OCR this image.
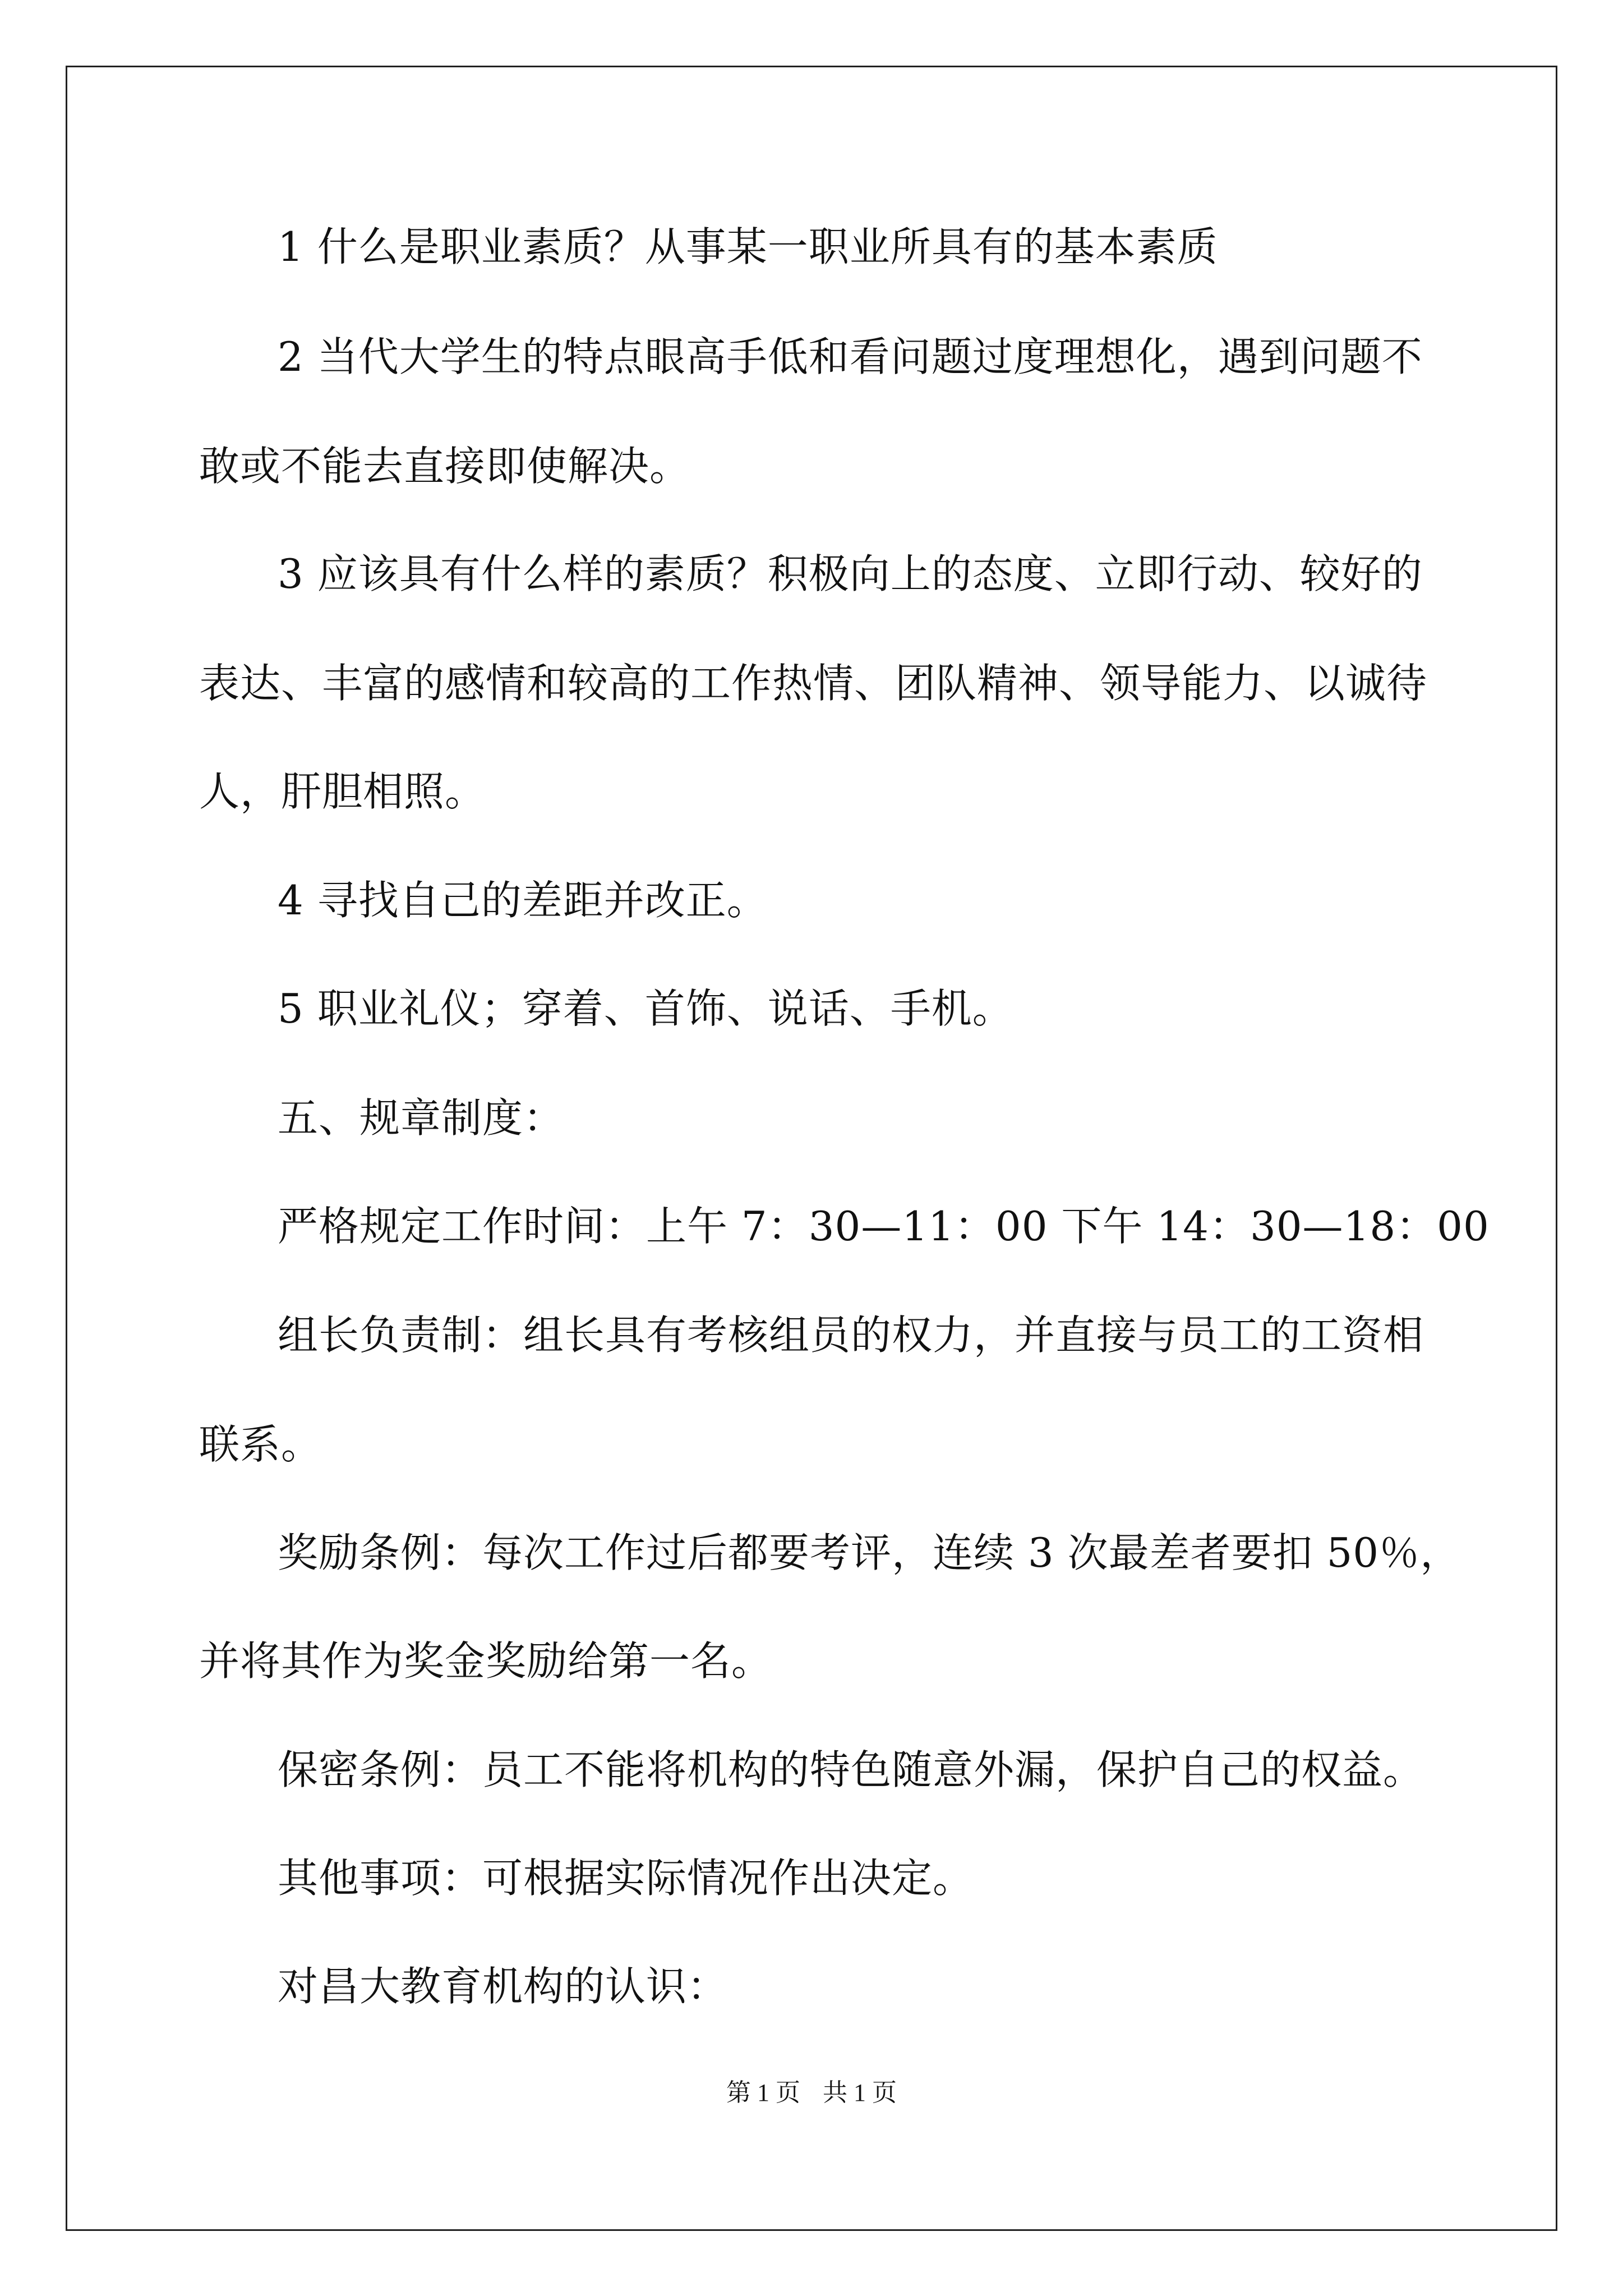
1 什么是职业素质？从事某一职业所具有的基本素质
2 当代大学生的特点眼高手低和看问题过度理想化，遇到问题不
敢或不能去直接即使解决。
3 应该具有什么样的素质？积极向上的态度、立即行动、较好的
表达、丰富的感情和较高的工作热情、团队精神、领导能力、以诚待
人，肝胆相照。
4 寻找自己的差距并改正。
5 职业礼仪；穿着、首饰、说话、手机。
五、规章制度：
严格规定工作时间：上午 7：30—11：00 下午 14：30—18：00
组长负责制：组长具有考核组员的权力，并直接与员工的工资相
联系。
奖励条例：每次工作过后都要考评，连续 3 次最差者要扣 50％，
并将其作为奖金奖励给第一名。
保密条例：员工不能将机构的特色随意外漏，保护自己的权益。
其他事项：可根据实际情况作出决定。
对昌大教育机构的认识：
第 1 页 共 1 页
